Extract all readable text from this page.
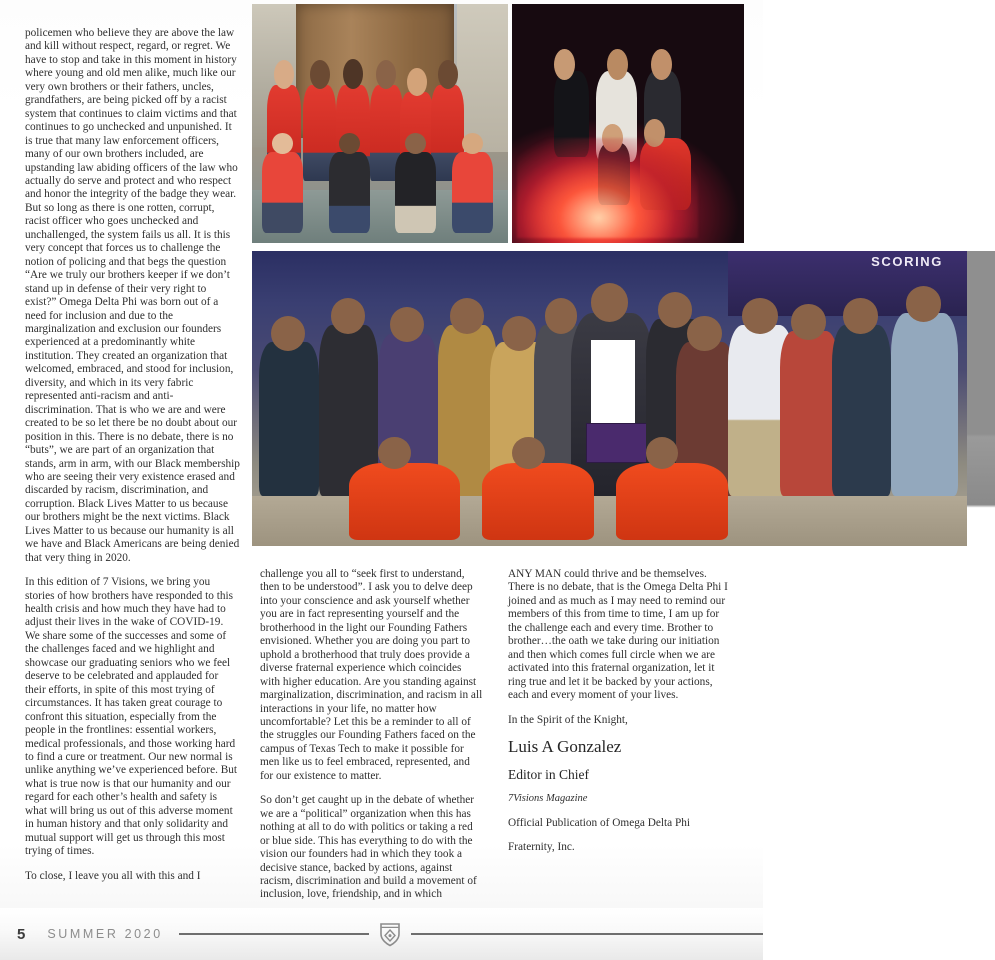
SCORING

policemen who believe they are above the law and kill without respect, regard, or regret. We have to stop and take in this moment in history where young and old men alike, much like our very own brothers or their fathers, uncles, grandfathers, are being picked off by a racist system that continues to claim victims and that continues to go unchecked and unpunished. It is true that many law enforcement officers, many of our own brothers included, are upstanding law abiding officers of the law who actually do serve and protect and who respect and honor the integrity of the badge they wear. But so long as there is one rotten, corrupt, racist officer who goes unchecked and unchallenged, the system fails us all. It is this very concept that forces us to challenge the notion of policing and that begs the question “Are we truly our brothers keeper if we don’t stand up in defense of their very right to exist?” Omega Delta Phi was born out of a need for inclusion and due to the marginalization and exclusion our founders experienced at a predominantly white institution. They created an organization that welcomed, embraced, and stood for inclusion, diversity, and which in its very fabric represented anti-racism and anti-discrimination. That is who we are and were created to be so let there be no doubt about our position in this. There is no debate, there is no “buts”, we are part of an organization that stands, arm in arm, with our Black membership who are seeing their very existence erased and discarded by racism, discrimination, and corruption. Black Lives Matter to us because our brothers might be the next victims. Black Lives Matter to us because our humanity is all we have and Black Americans are being denied that very thing in 2020.

In this edition of 7 Visions, we bring you stories of how brothers have responded to this health crisis and how much they have had to adjust their lives in the wake of COVID-19. We share some of the successes and some of the challenges faced and we highlight and showcase our graduating seniors who we feel deserve to be celebrated and applauded for their efforts, in spite of this most trying of circumstances. It has taken great courage to confront this situation, especially from the people in the frontlines: essential workers, medical professionals, and those working hard to find a cure or treatment. Our new normal is unlike anything we’ve experienced before. But what is true now is that our humanity and our regard for each other’s health and safety is what will bring us out of this adverse moment in human history and that only solidarity and mutual support will get us through this most trying of times.

To close, I leave you all with this and I

challenge you all to “seek first to understand, then to be understood”. I ask you to delve deep into your conscience and ask yourself whether you are in fact representing yourself and the brotherhood in the light our Founding Fathers envisioned. Whether you are doing you part to uphold a brotherhood that truly does provide a diverse fraternal experience which coincides with higher education. Are you standing against marginalization, discrimination, and racism in all interactions in your life, no matter how uncomfortable? Let this be a reminder to all of the struggles our Founding Fathers faced on the campus of Texas Tech to make it possible for men like us to feel embraced, represented, and for our existence to matter.

So don’t get caught up in the debate of whether we are a “political” organization when this has nothing at all to do with politics or taking a red or blue side. This has everything to do with the vision our founders had in which they took a decisive stance, backed by actions, against racism, discrimination and build a movement of inclusion, love, friendship, and in which

ANY MAN could thrive and be themselves. There is no debate, that is the Omega Delta Phi I joined and as much as I may need to remind our members of this from time to time, I am up for the challenge each and every time. Brother to brother…the oath we take during our initiation and then which comes full circle when we are activated into this fraternal organization, let it ring true and let it be backed by your actions, each and every moment of your lives.

In the Spirit of the Knight,

Luis A Gonzalez

Editor in Chief

7Visions Magazine

Official Publication of Omega Delta Phi

Fraternity, Inc.

5 SUMMER 2020
